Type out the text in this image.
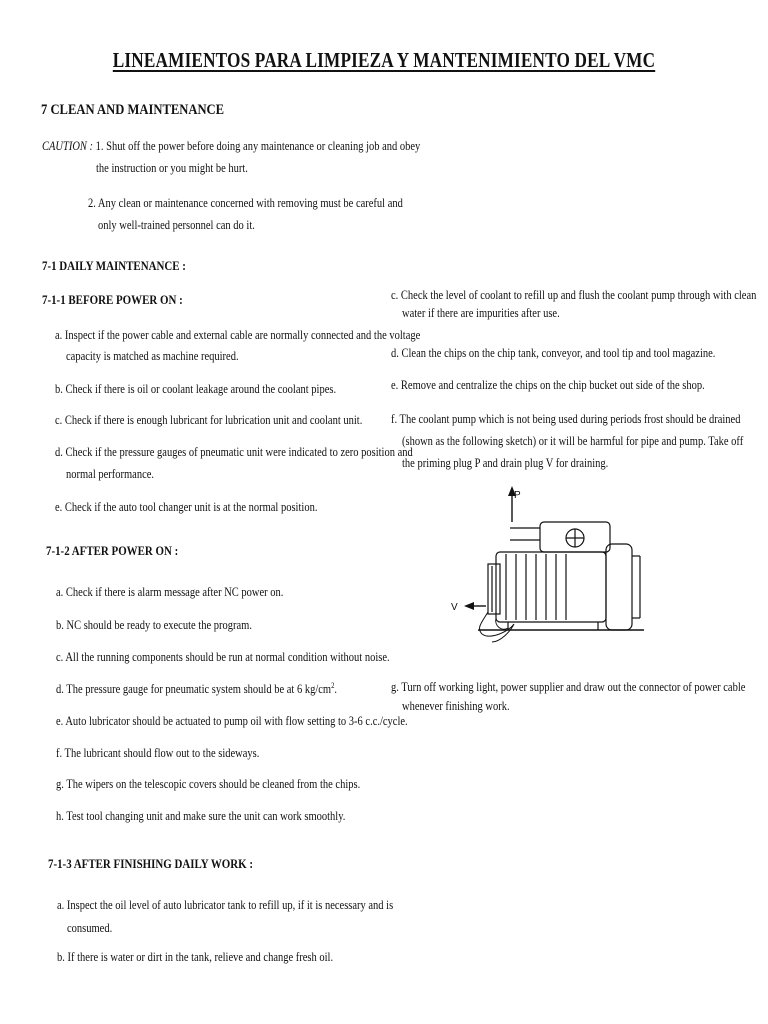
LINEAMIENTOS PARA LIMPIEZA Y MANTENIMIENTO DEL VMC
7 CLEAN AND MAINTENANCE
CAUTION : 1. Shut off the power before doing any maintenance or cleaning job and obey
the instruction or you might be hurt.
2. Any clean or maintenance concerned with removing must be careful and
only well-trained personnel can do it.
7-1 DAILY MAINTENANCE :
7-1-1 BEFORE POWER ON :
a. Inspect if the power cable and external cable are normally connected and the voltage
capacity is matched as machine required.
b. Check if there is oil or coolant leakage around the coolant pipes.
c. Check if there is enough lubricant for lubrication unit and coolant unit.
d. Check if the pressure gauges of pneumatic unit were indicated to zero position and
normal performance.
e. Check if the auto tool changer unit is at the normal position.
7-1-2 AFTER POWER ON :
a. Check if there is alarm message after NC power on.
b. NC should be ready to execute the program.
c. All the running components should be run at normal condition without noise.
d. The pressure gauge for pneumatic system should be at 6 $kg/cm^2$.
e. Auto lubricator should be actuated to pump oil with flow setting to 3-6 c.c./cycle.
f. The lubricant should flow out to the sideways.
g. The wipers on the telescopic covers should be cleaned from the chips.
h. Test tool changing unit and make sure the unit can work smoothly.
7-1-3 AFTER FINISHING DAILY WORK :
a. Inspect the oil level of auto lubricator tank to refill up, if it is necessary and is
consumed.
b. If there is water or dirt in the tank, relieve and change fresh oil.
c. Check the level of coolant to refill up and flush the coolant pump through with clean
water if there are impurities after use.
d. Clean the chips on the chip tank, conveyor, and tool tip and tool magazine.
e. Remove and centralize the chips on the chip bucket out side of the shop.
f. The coolant pump which is not being used during periods frost should be drained
(shown as the following sketch) or it will be harmful for pipe and pump. Take off
the priming plug P and drain plug V for draining.
P
V
g. Turn off working light, power supplier and draw out the connector of power cable
whenever finishing work.
